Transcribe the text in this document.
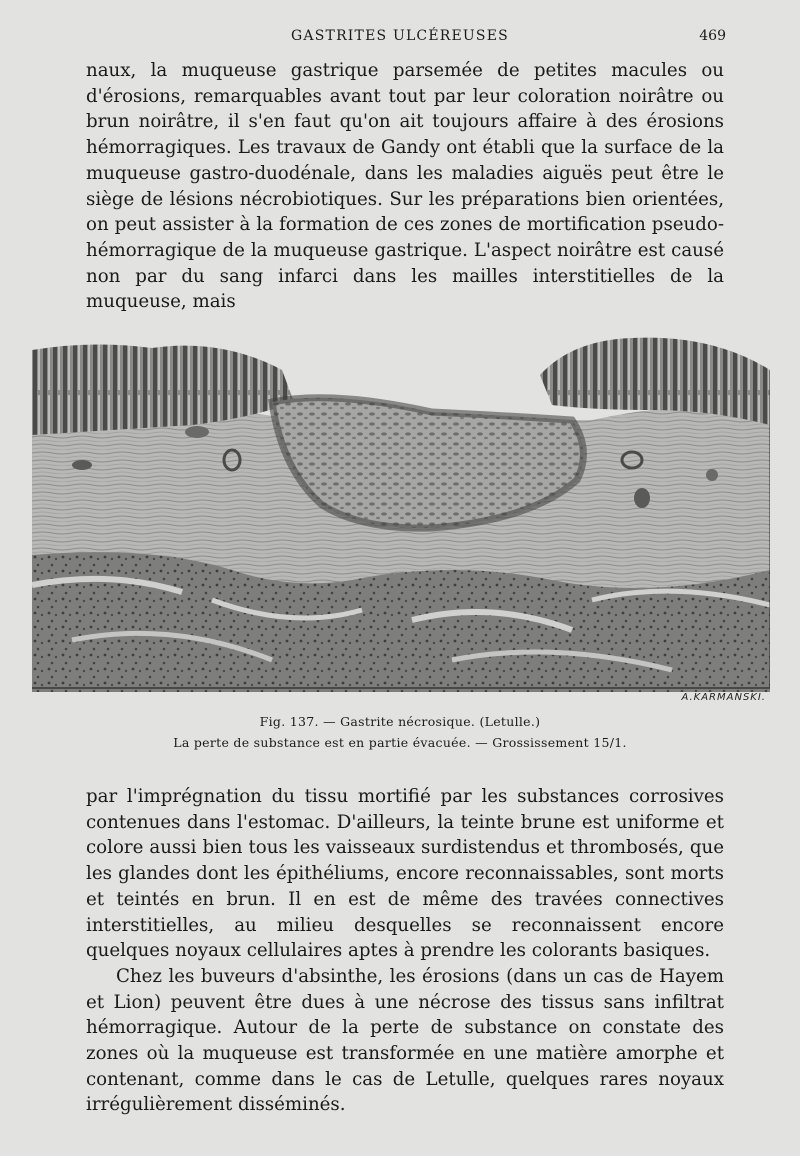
GASTRITES ULCÉREUSES	469

naux, la muqueuse gastrique parsemée de petites macules ou d'érosions, remarquables avant tout par leur coloration noirâtre ou brun noirâtre, il s'en faut qu'on ait toujours affaire à des érosions hémorragiques. Les travaux de Gandy ont établi que la surface de la muqueuse gastro-duodénale, dans les maladies aiguës peut être le siège de lésions nécrobiotiques. Sur les préparations bien orientées, on peut assister à la formation de ces zones de mortification pseudo-hémorragique de la muqueuse gastrique. L'aspect noirâtre est causé non par du sang infarci dans les mailles interstitielles de la muqueuse, mais

A.KARMANSKI.
Fig. 137. — Gastrite nécrosique. (Letulle.)
La perte de substance est en partie évacuée. — Grossissement 15/1.

par l'imprégnation du tissu mortifié par les substances corrosives contenues dans l'estomac. D'ailleurs, la teinte brune est uniforme et colore aussi bien tous les vaisseaux surdistendus et thrombosés, que les glandes dont les épithéliums, encore reconnaissables, sont morts et teintés en brun. Il en est de même des travées connectives interstitielles, au milieu desquelles se reconnaissent encore quelques noyaux cellulaires aptes à prendre les colorants basiques.

Chez les buveurs d'absinthe, les érosions (dans un cas de Hayem et Lion) peuvent être dues à une nécrose des tissus sans infiltrat hémorragique. Autour de la perte de substance on constate des zones où la muqueuse est transformée en une matière amorphe et contenant, comme dans le cas de Letulle, quelques rares noyaux irrégulièrement disséminés.
